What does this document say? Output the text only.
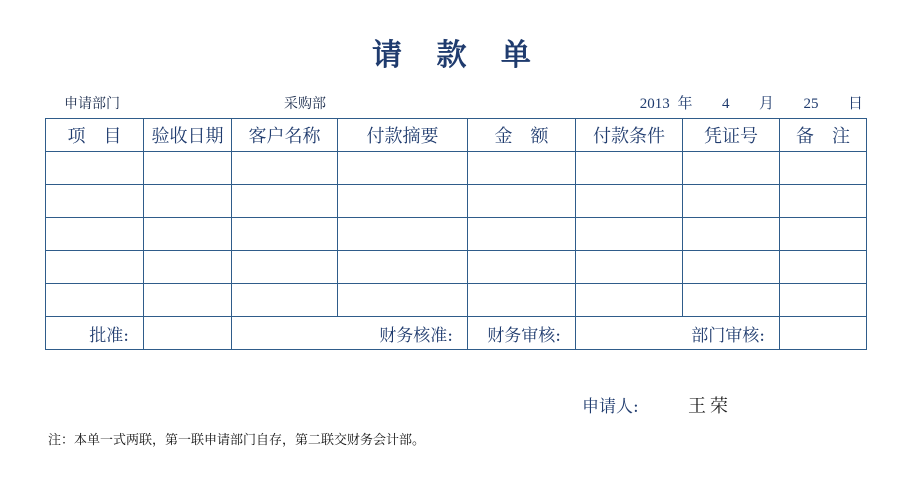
请 款 单
申请部门	采购部	2013 年 4 月 25 日
项　目	验收日期	客户名称	付款摘要	金　额	付款条件	凭证号	备　注

批准:		财务核准:		财务审核:	部门审核:		
申请人:	王荣
注：本单一式两联，第一联申请部门自存，第二联交财务会计部。
